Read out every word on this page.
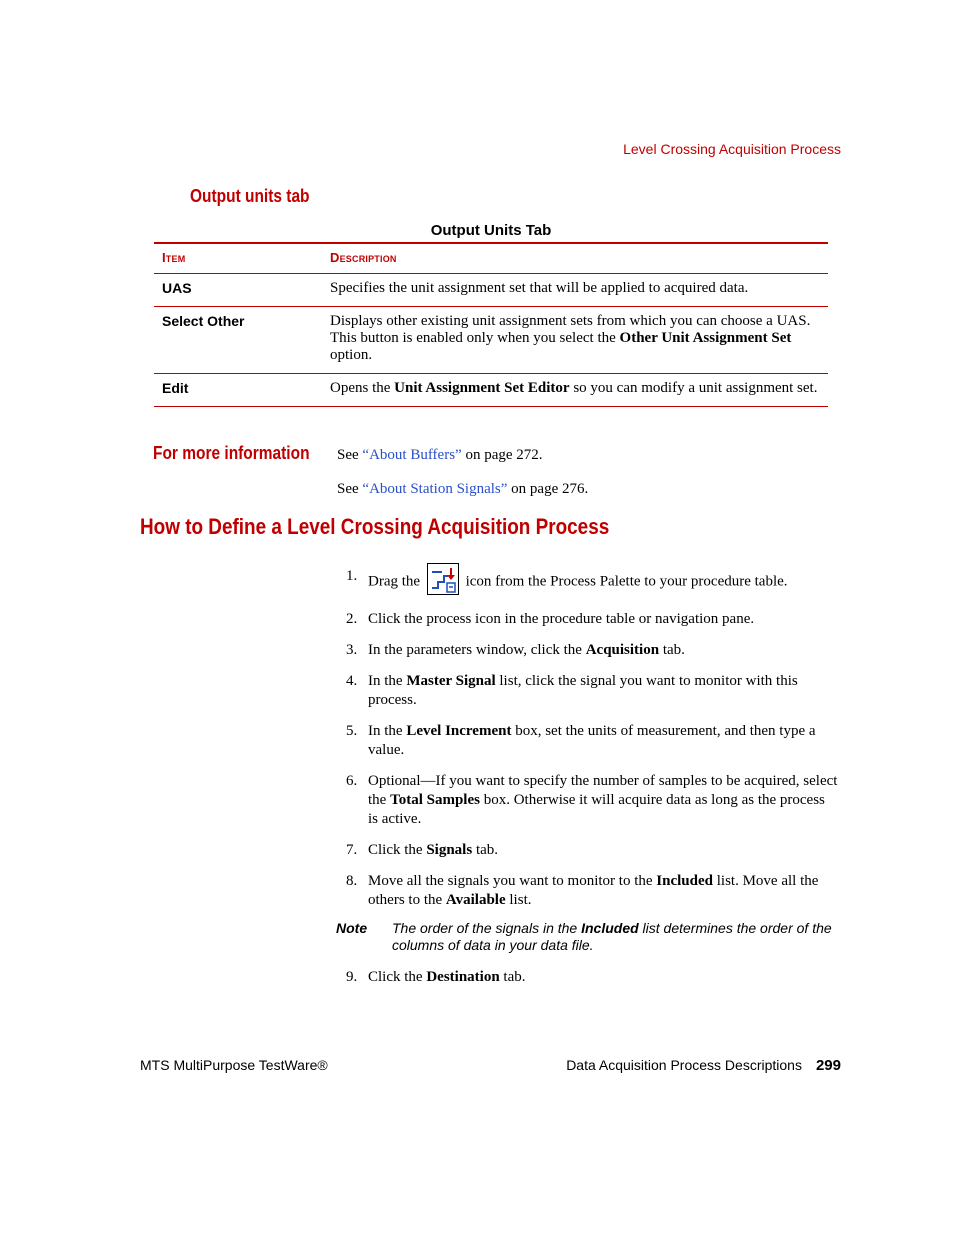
Level Crossing Acquisition Process
Output units tab
Output Units Tab
Item	Description
UAS	Specifies the unit assignment set that will be applied to acquired data.
Select Other	Displays other existing unit assignment sets from which you can choose a UAS. This button is enabled only when you select the Other Unit Assignment Set option.
Edit	Opens the Unit Assignment Set Editor so you can modify a unit assignment set.
For more information See “About Buffers” on page 272.
See “About Station Signals” on page 276.
How to Define a Level Crossing Acquisition Process
1. Drag the	icon from the Process Palette to your procedure table.
2. Click the process icon in the procedure table or navigation pane.
3. In the parameters window, click the Acquisition tab.
4. In the Master Signal list, click the signal you want to monitor with this process.
5. In the Level Increment box, set the units of measurement, and then type a value.
6. Optional—If you want to specify the number of samples to be acquired, select the Total Samples box. Otherwise it will acquire data as long as the process is active.
7. Click the Signals tab.
8. Move all the signals you want to monitor to the Included list. Move all the others to the Available list.
Note The order of the signals in the Included list determines the order of the columns of data in your data file.
9. Click the Destination tab.
MTS MultiPurpose TestWare®	Data Acquisition Process Descriptions 299
